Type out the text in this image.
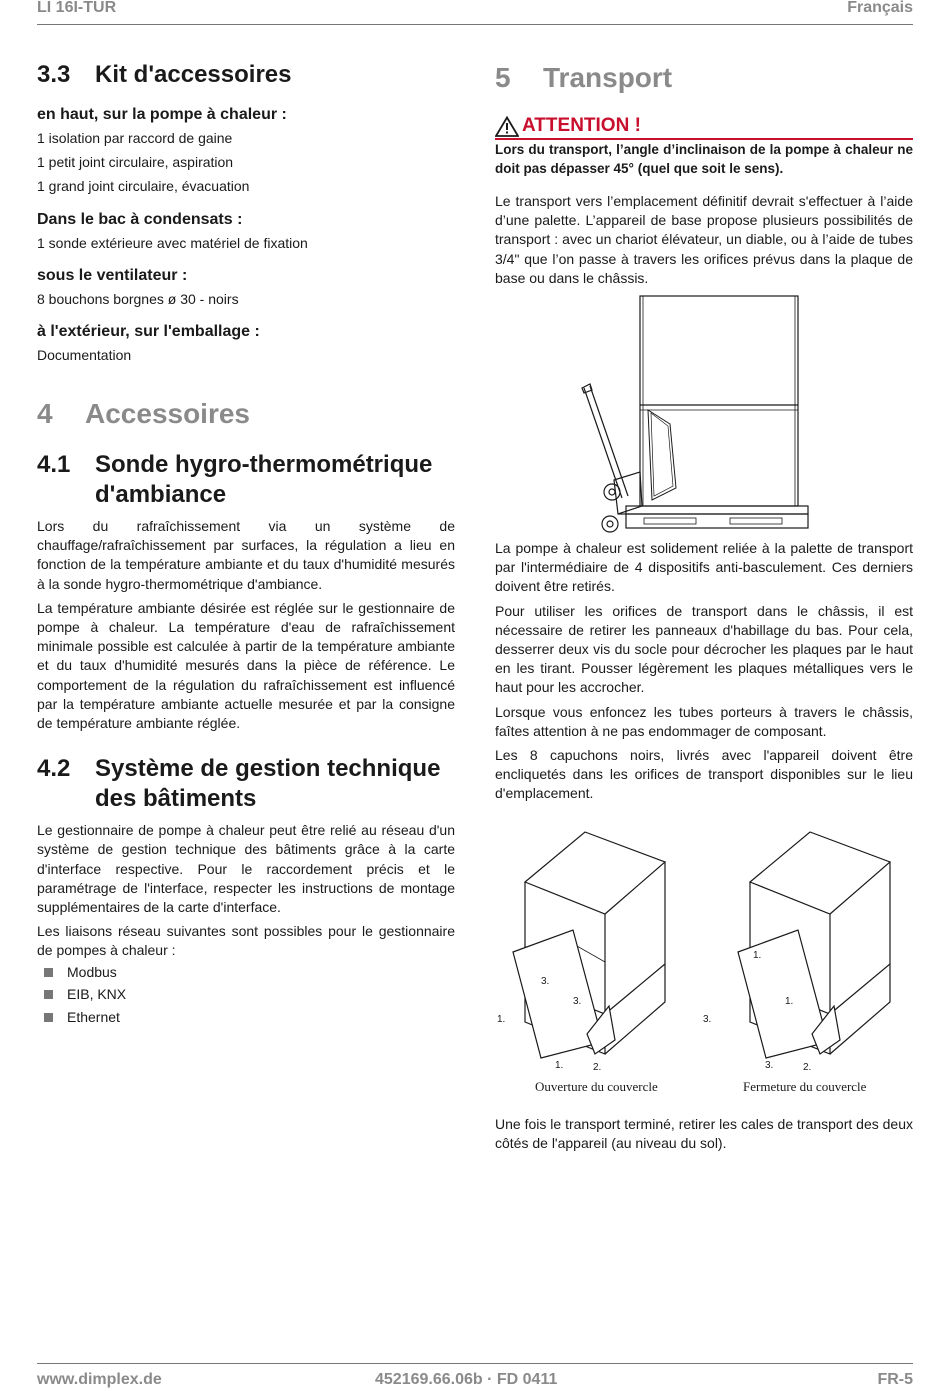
LI 16I-TUR	Français
3.3 Kit d'accessoires

en haut, sur la pompe à chaleur :

1 isolation par raccord de gaine

1 petit joint circulaire, aspiration

1 grand joint circulaire, évacuation

Dans le bac à condensats :

1 sonde extérieure avec matériel de fixation

sous le ventilateur :

8 bouchons borgnes ø 30 - noirs

à l'extérieur, sur l'emballage :

Documentation

4 Accessoires
4.1	Sonde hygro-thermométrique
d'ambiance

Lors du rafraîchissement via un système de chauffage/rafraîchissement par surfaces, la régulation a lieu en fonction de la température ambiante et du taux d'humidité mesurés à la sonde hygro-thermométrique d'ambiance.

La température ambiante désirée est réglée sur le gestionnaire de pompe à chaleur. La température d'eau de rafraîchissement minimale possible est calculée à partir de la température ambiante et du taux d'humidité mesurés dans la pièce de référence. Le comportement de la régulation du rafraîchissement est influencé par la température ambiante actuelle mesurée et par la consigne de température ambiante réglée.

4.2	Système de gestion technique
des bâtiments

Le gestionnaire de pompe à chaleur peut être relié au réseau d'un système de gestion technique des bâtiments grâce à la carte d'interface respective. Pour le raccordement précis et le paramétrage de l'interface, respecter les instructions de montage supplémentaires de la carte d'interface.

Les liaisons réseau suivantes sont possibles pour le gestionnaire de pompes à chaleur :

Modbus
EIB, KNX
Ethernet
5 Transport
ATTENTION !

Lors du transport, l’angle d’inclinaison de la pompe à chaleur ne doit pas dépasser 45° (quel que soit le sens).

Le transport vers l’emplacement définitif devrait s'effectuer à l’aide d’une palette. L’appareil de base propose plusieurs possibilités de transport : avec un chariot élévateur, un diable, ou à l’aide de tubes 3/4" que l’on passe à travers les orifices prévus dans la plaque de base ou dans le châssis.

La pompe à chaleur est solidement reliée à la palette de transport par l'intermédiaire de 4 dispositifs anti-basculement. Ces derniers doivent être retirés.

Pour utiliser les orifices de transport dans le châssis, il est nécessaire de retirer les panneaux d'habillage du bas. Pour cela, desserrer deux vis du socle pour décrocher les plaques par le haut en les tirant. Pousser légèrement les plaques métalliques vers le haut pour les accrocher.

Lorsque vous enfoncez les tubes porteurs à travers le châssis, faîtes attention à ne pas endommager de composant.

Les 8 capuchons noirs, livrés avec l'appareil doivent être encliquetés dans les orifices de transport disponibles sur le lieu d'emplacement.

3.
3.
1.
1.	2.
1.
1.
3.
3.	2.
Ouverture du couvercle	Fermeture du couvercle

Une fois le transport terminé, retirer les cales de transport des deux côtés de l'appareil (au niveau du sol).

www.dimplex.de	452169.66.06b · FD 0411	FR-5
